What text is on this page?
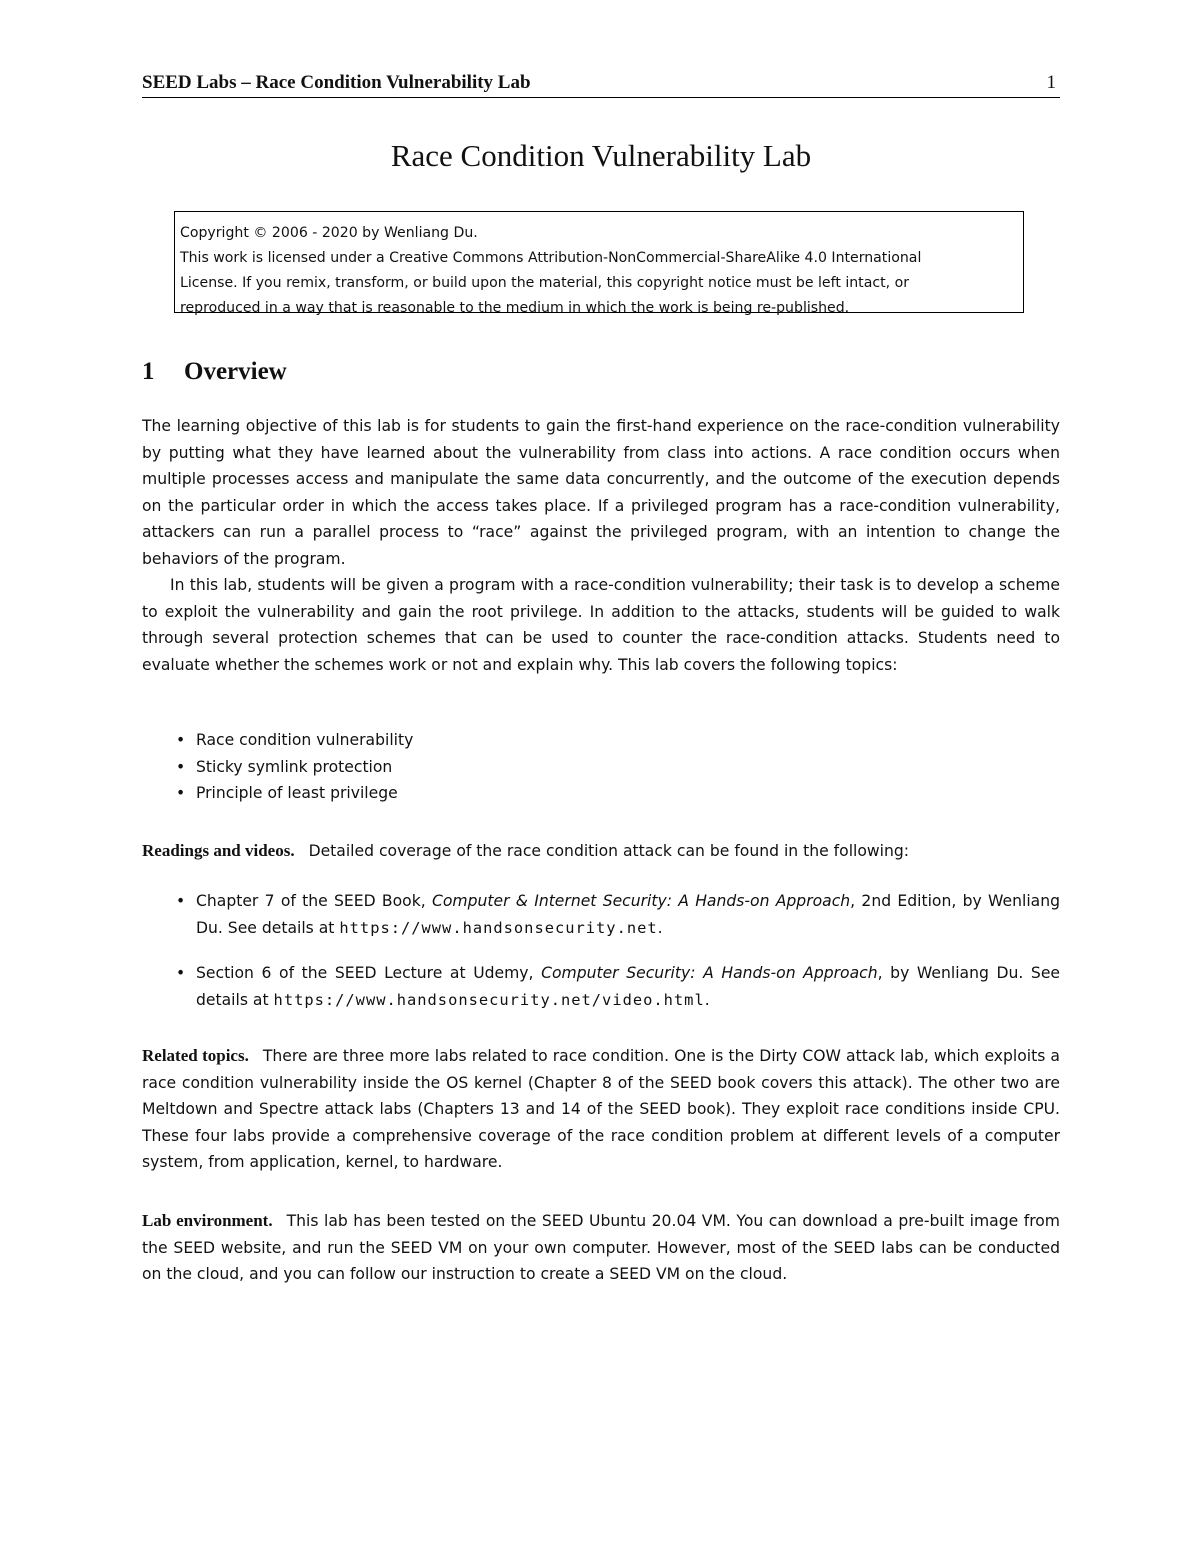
SEED Labs – Race Condition Vulnerability Lab	1
Race Condition Vulnerability Lab
Copyright © 2006 - 2020 by Wenliang Du.
This work is licensed under a Creative Commons Attribution-NonCommercial-ShareAlike 4.0 International
License. If you remix, transform, or build upon the material, this copyright notice must be left intact, or
reproduced in a way that is reasonable to the medium in which the work is being re-published.
1 Overview

The learning objective of this lab is for students to gain the first-hand experience on the race-condition vulnerability by putting what they have learned about the vulnerability from class into actions. A race condition occurs when multiple processes access and manipulate the same data concurrently, and the outcome of the execution depends on the particular order in which the access takes place. If a privileged program has a race-condition vulnerability, attackers can run a parallel process to “race” against the privileged program, with an intention to change the behaviors of the program.

In this lab, students will be given a program with a race-condition vulnerability; their task is to develop a scheme to exploit the vulnerability and gain the root privilege. In addition to the attacks, students will be guided to walk through several protection schemes that can be used to counter the race-condition attacks. Students need to evaluate whether the schemes work or not and explain why. This lab covers the following topics:

• Race condition vulnerability
• Sticky symlink protection
• Principle of least privilege

Readings and videos. Detailed coverage of the race condition attack can be found in the following:

• Chapter 7 of the SEED Book, Computer & Internet Security: A Hands-on Approach, 2nd Edition, by Wenliang Du. See details at https://www.handsonsecurity.net.
• Section 6 of the SEED Lecture at Udemy, Computer Security: A Hands-on Approach, by Wenliang Du. See details at https://www.handsonsecurity.net/video.html.

Related topics. There are three more labs related to race condition. One is the Dirty COW attack lab, which exploits a race condition vulnerability inside the OS kernel (Chapter 8 of the SEED book covers this attack). The other two are Meltdown and Spectre attack labs (Chapters 13 and 14 of the SEED book). They exploit race conditions inside CPU. These four labs provide a comprehensive coverage of the race condition problem at different levels of a computer system, from application, kernel, to hardware.

Lab environment. This lab has been tested on the SEED Ubuntu 20.04 VM. You can download a pre-built image from the SEED website, and run the SEED VM on your own computer. However, most of the SEED labs can be conducted on the cloud, and you can follow our instruction to create a SEED VM on the cloud.
